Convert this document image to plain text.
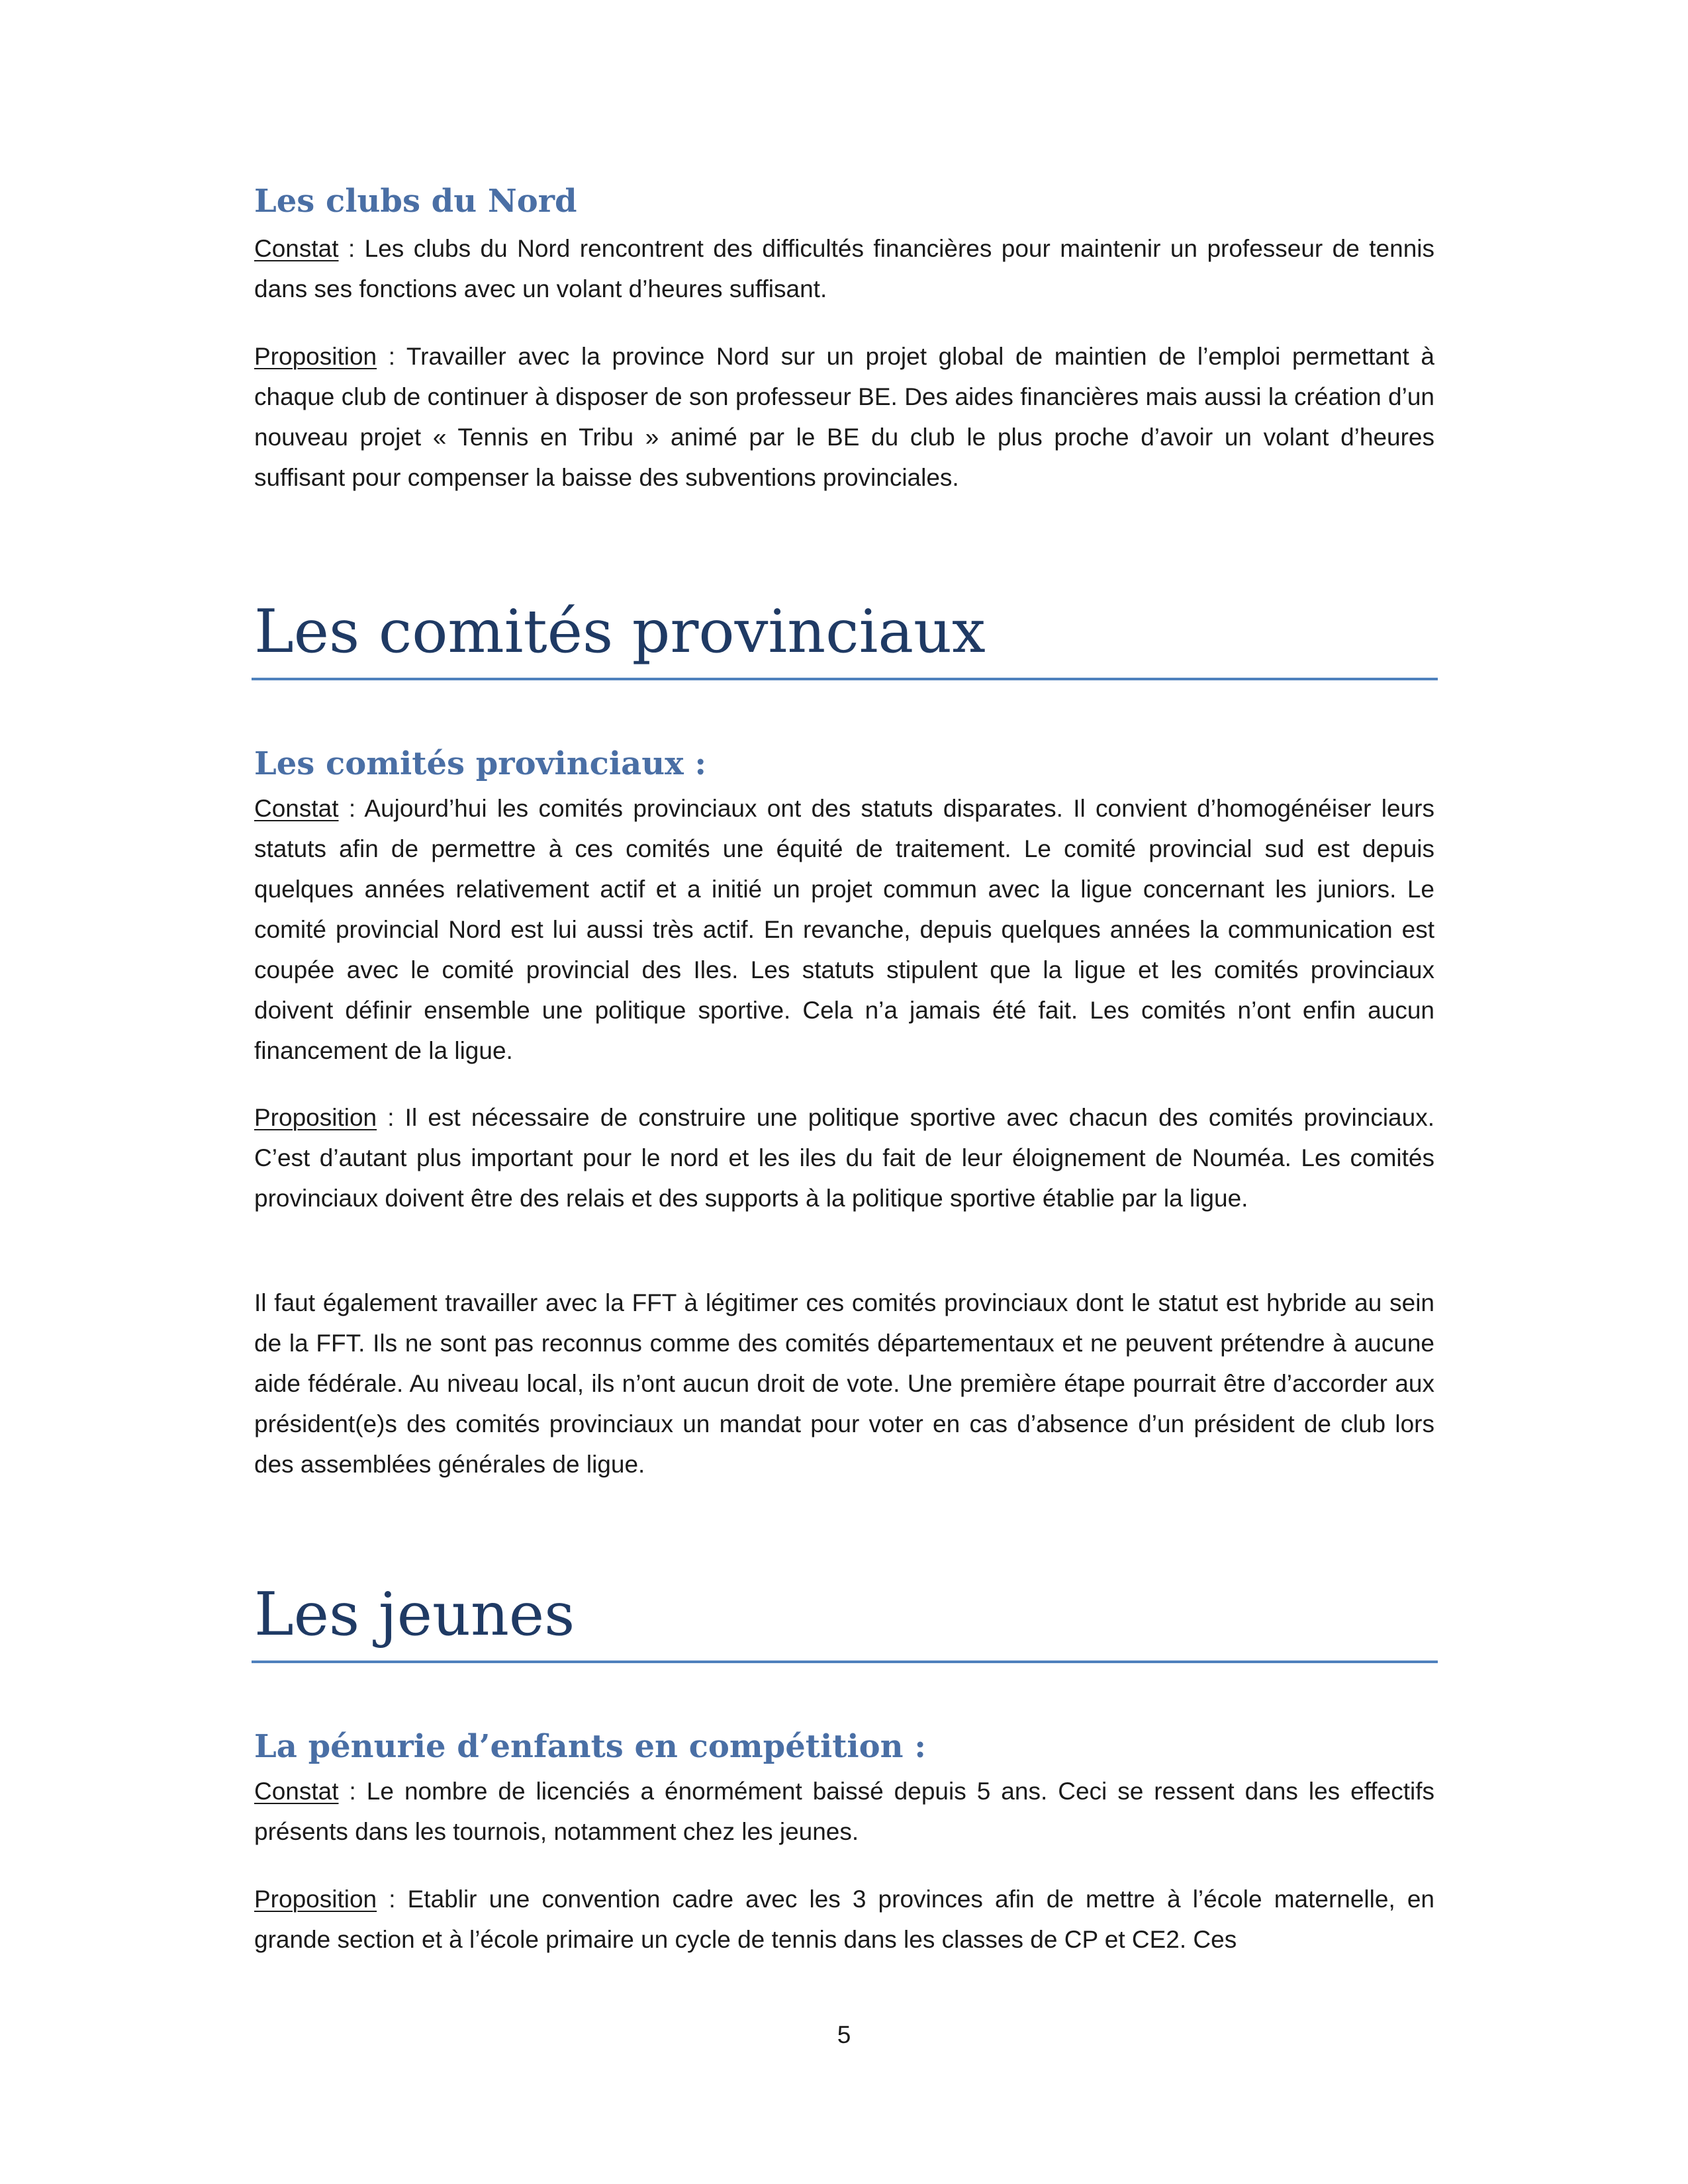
Les clubs du Nord

Constat : Les clubs du Nord rencontrent des difficultés financières pour maintenir un professeur de tennis dans ses fonctions avec un volant d’heures suffisant.

Proposition : Travailler avec la province Nord sur un projet global de maintien de l’emploi permettant à chaque club de continuer à disposer de son professeur BE. Des aides financières mais aussi la création d’un nouveau projet « Tennis en Tribu » animé par le BE du club le plus proche d’avoir un volant d’heures suffisant pour compenser la baisse des subventions provinciales.

Les comités provinciaux
Les comités provinciaux :

Constat : Aujourd’hui les comités provinciaux ont des statuts disparates. Il convient d’homogénéiser leurs statuts afin de permettre à ces comités une équité de traitement. Le comité provincial sud est depuis quelques années relativement actif et a initié un projet commun avec la ligue concernant les juniors. Le comité provincial Nord est lui aussi très actif. En revanche, depuis quelques années la communication est coupée avec le comité provincial des Iles. Les statuts stipulent que la ligue et les comités provinciaux doivent définir ensemble une politique sportive. Cela n’a jamais été fait. Les comités n’ont enfin aucun financement de la ligue.

Proposition : Il est nécessaire de construire une politique sportive avec chacun des comités provinciaux. C’est d’autant plus important pour le nord et les iles du fait de leur éloignement de Nouméa. Les comités provinciaux doivent être des relais et des supports à la politique sportive établie par la ligue.

Il faut également travailler avec la FFT à légitimer ces comités provinciaux dont le statut est hybride au sein de la FFT. Ils ne sont pas reconnus comme des comités départementaux et ne peuvent prétendre à aucune aide fédérale. Au niveau local, ils n’ont aucun droit de vote. Une première étape pourrait être d’accorder aux président(e)s des comités provinciaux un mandat pour voter en cas d’absence d’un président de club lors des assemblées générales de ligue.

Les jeunes
La pénurie d’enfants en compétition :

Constat : Le nombre de licenciés a énormément baissé depuis 5 ans. Ceci se ressent dans les effectifs présents dans les tournois, notamment chez les jeunes.

Proposition : Etablir une convention cadre avec les 3 provinces afin de mettre à l’école maternelle, en grande section et à l’école primaire un cycle de tennis dans les classes de CP et CE2. Ces

5
